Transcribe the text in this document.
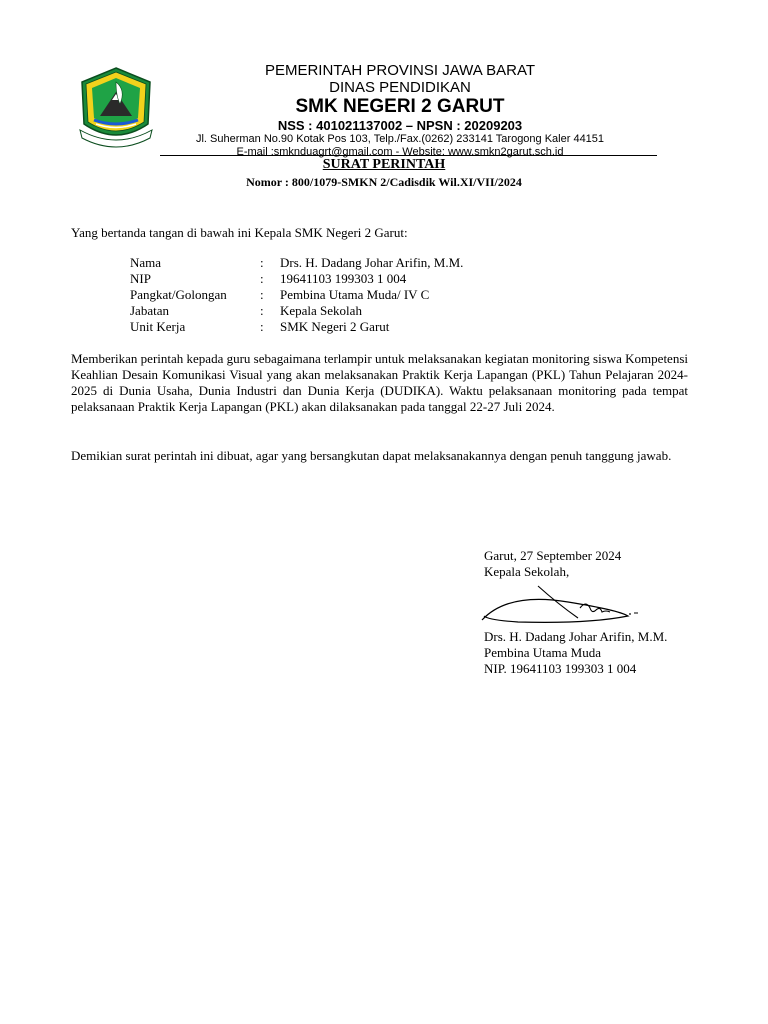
PEMERINTAH PROVINSI JAWA BARAT
DINAS PENDIDIKAN
SMK NEGERI 2 GARUT
NSS : 401021137002 – NPSN : 20209203
Jl. Suherman No.90 Kotak Pos 103, Telp./Fax.(0262) 233141 Tarogong Kaler 44151
E-mail :smknduagrt@gmail.com - Website: www.smkn2garut.sch.id
SURAT PERINTAH
Nomor : 800/1079-SMKN 2/Cadisdik Wil.XI/VII/2024
Yang bertanda tangan di bawah ini Kepala SMK Negeri 2 Garut:
Nama	:	Drs. H. Dadang Johar Arifin, M.M.
NIP	:	19641103 199303 1 004
Pangkat/Golongan	:	Pembina Utama Muda/ IV C
Jabatan	:	Kepala Sekolah
Unit Kerja	:	SMK Negeri 2 Garut
Memberikan perintah kepada guru sebagaimana terlampir untuk melaksanakan kegiatan monitoring siswa Kompetensi Keahlian Desain Komunikasi Visual yang akan melaksanakan Praktik Kerja Lapangan (PKL) Tahun Pelajaran 2024-2025 di Dunia Usaha, Dunia Industri dan Dunia Kerja (DUDIKA). Waktu pelaksanaan monitoring pada tempat pelaksanaan Praktik Kerja Lapangan (PKL) akan dilaksanakan pada tanggal 22-27 Juli 2024.
Demikian surat perintah ini dibuat, agar yang bersangkutan dapat melaksanakannya dengan penuh tanggung jawab.
Garut, 27 September 2024
Kepala Sekolah,
Drs. H. Dadang Johar Arifin, M.M.
Pembina Utama Muda
NIP. 19641103 199303 1 004
